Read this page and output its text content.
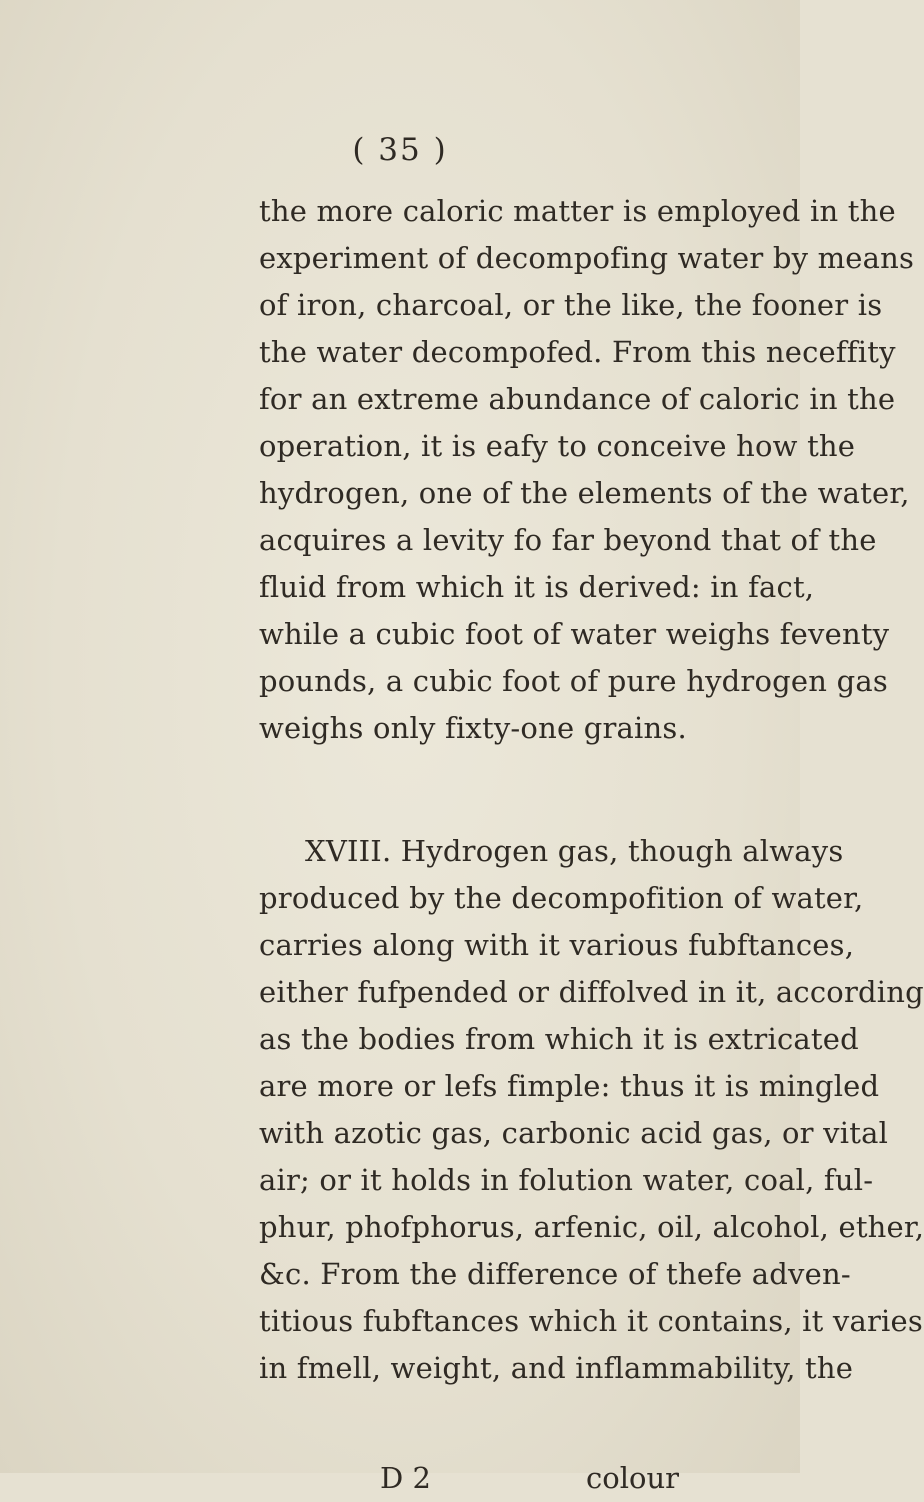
( 35 )
the more caloric matter is employed in the
experiment of decompofing water by means
of iron, charcoal, or the like, the fooner is
the water decompofed. From this neceffity
for an extreme abundance of caloric in the
operation, it is eafy to conceive how the
hydrogen, one of the elements of the water,
acquires a levity fo far beyond that of the
fluid from which it is derived: in fact,
while a cubic foot of water weighs feventy
pounds, a cubic foot of pure hydrogen gas
weighs only fixty-one grains.
XVIII. Hydrogen gas, though always
produced by the decompofition of water,
carries along with it various fubftances,
either fufpended or diffolved in it, according
as the bodies from which it is extricated
are more or lefs fimple: thus it is mingled
with azotic gas, carbonic acid gas, or vital
air; or it holds in folution water, coal, ful-
phur, phofphorus, arfenic, oil, alcohol, ether,
&c. From the difference of thefe adven-
titious fubftances which it contains, it varies
in fmell, weight, and inflammability, the
D 2	colour
